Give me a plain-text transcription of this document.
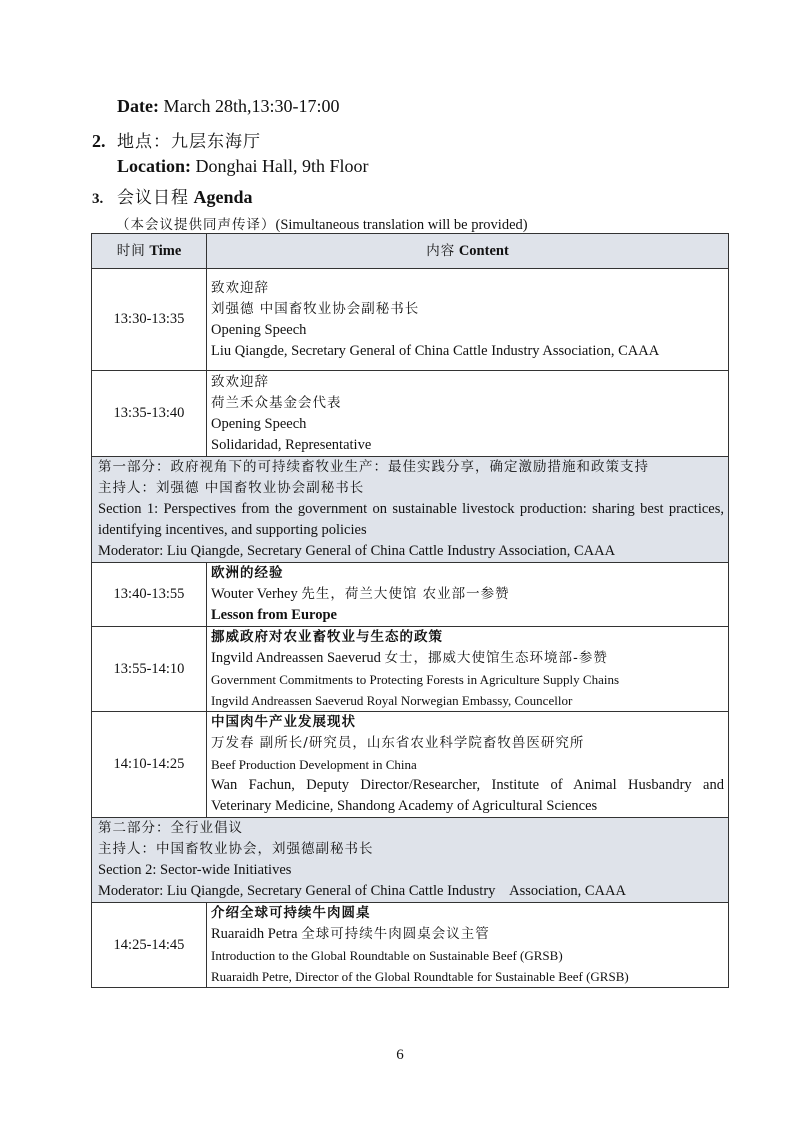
Date: March 28th,13:30-17:00
2. 地点：九层东海厅
Location: Donghai Hall, 9th Floor
3. 会议日程 Agenda
（本会议提供同声传译）(Simultaneous translation will be provided)
时间 Time	内容 Content
13:30-13:35	致欢迎辞
刘强德 中国畜牧业协会副秘书长
Opening Speech
Liu Qiangde, Secretary General of China Cattle Industry Association, CAAA

13:35-13:40	致欢迎辞
荷兰禾众基金会代表
Opening Speech
Solidaridad, Representative

第一部分：政府视角下的可持续畜牧业生产：最佳实践分享，确定激励措施和政策支持
主持人：刘强德 中国畜牧业协会副秘书长
Section 1: Perspectives from the government on sustainable livestock production: sharing best practices, identifying incentives, and supporting policies
Moderator: Liu Qiangde, Secretary General of China Cattle Industry Association, CAAA	

13:40-13:55	欧洲的经验
Wouter Verhey 先生，荷兰大使馆 农业部一参赞
Lesson from Europe

13:55-14:10	挪威政府对农业畜牧业与生态的政策
Ingvild Andreassen Saeverud 女士，挪威大使馆生态环境部-参赞
Government Commitments to Protecting Forests in Agriculture Supply Chains
Ingvild Andreassen Saeverud Royal Norwegian Embassy, Councellor

14:10-14:25	中国肉牛产业发展现状
万发春 副所长/研究员，山东省农业科学院畜牧兽医研究所
Beef Production Development in China
Wan Fachun, Deputy Director/Researcher, Institute of Animal Husbandry and Veterinary Medicine, Shandong Academy of Agricultural Sciences

第二部分：全行业倡议
主持人：中国畜牧业协会，刘强德副秘书长
Section 2: Sector-wide Initiatives
Moderator: Liu Qiangde, Secretary General of China Cattle Industry    Association, CAAA	

14:25-14:45	介绍全球可持续牛肉圆桌
Ruaraidh Petra 全球可持续牛肉圆桌会议主管
Introduction to the Global Roundtable on Sustainable Beef (GRSB)
Ruaraidh Petre, Director of the Global Roundtable for Sustainable Beef (GRSB)
6
